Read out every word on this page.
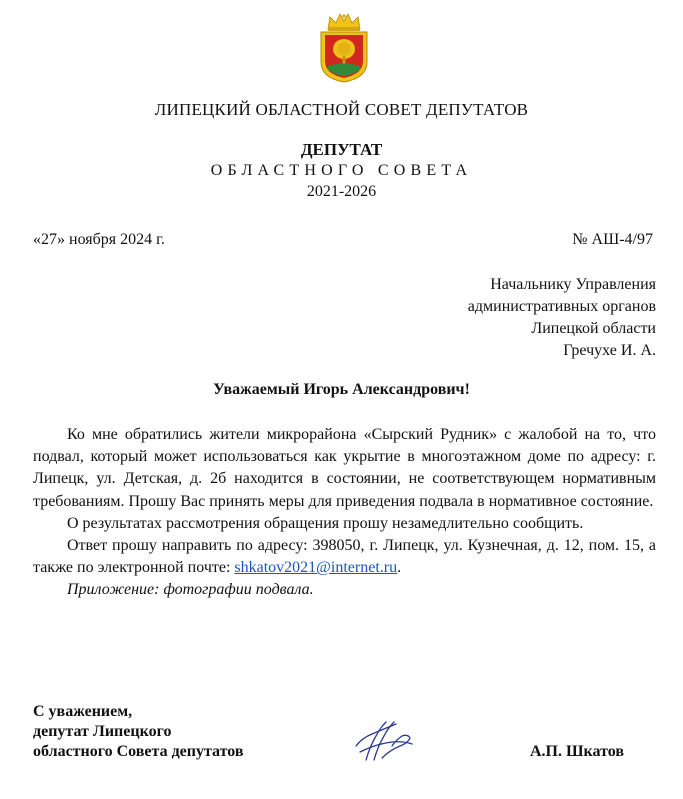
ЛИПЕЦКИЙ ОБЛАСТНОЙ СОВЕТ ДЕПУТАТОВ
ДЕПУТАТ
ОБЛАСТНОГО СОВЕТА
2021-2026
«27» ноября 2024 г.	№ АШ-4/97
Начальнику Управления
административных органов
Липецкой области
Гречухе И. А.
Уважаемый Игорь Александрович!

Ко мне обратились жители микрорайона «Сырский Рудник» с жалобой на то, что подвал, который может использоваться как укрытие в многоэтажном доме по адресу: г. Липецк, ул. Детская, д. 2б находится в состоянии, не соответствующем нормативным требованиям. Прошу Вас принять меры для приведения подвала в нормативное состояние.

О результатах рассмотрения обращения прошу незамедлительно сообщить.

Ответ прошу направить по адресу: 398050, г. Липецк, ул. Кузнечная, д. 12, пом. 15, а также по электронной почте: shkatov2021@internet.ru.

Приложение: фотографии подвала.

С уважением,
депутат Липецкого
областного Совета депутатов	А.П. Шкатов
